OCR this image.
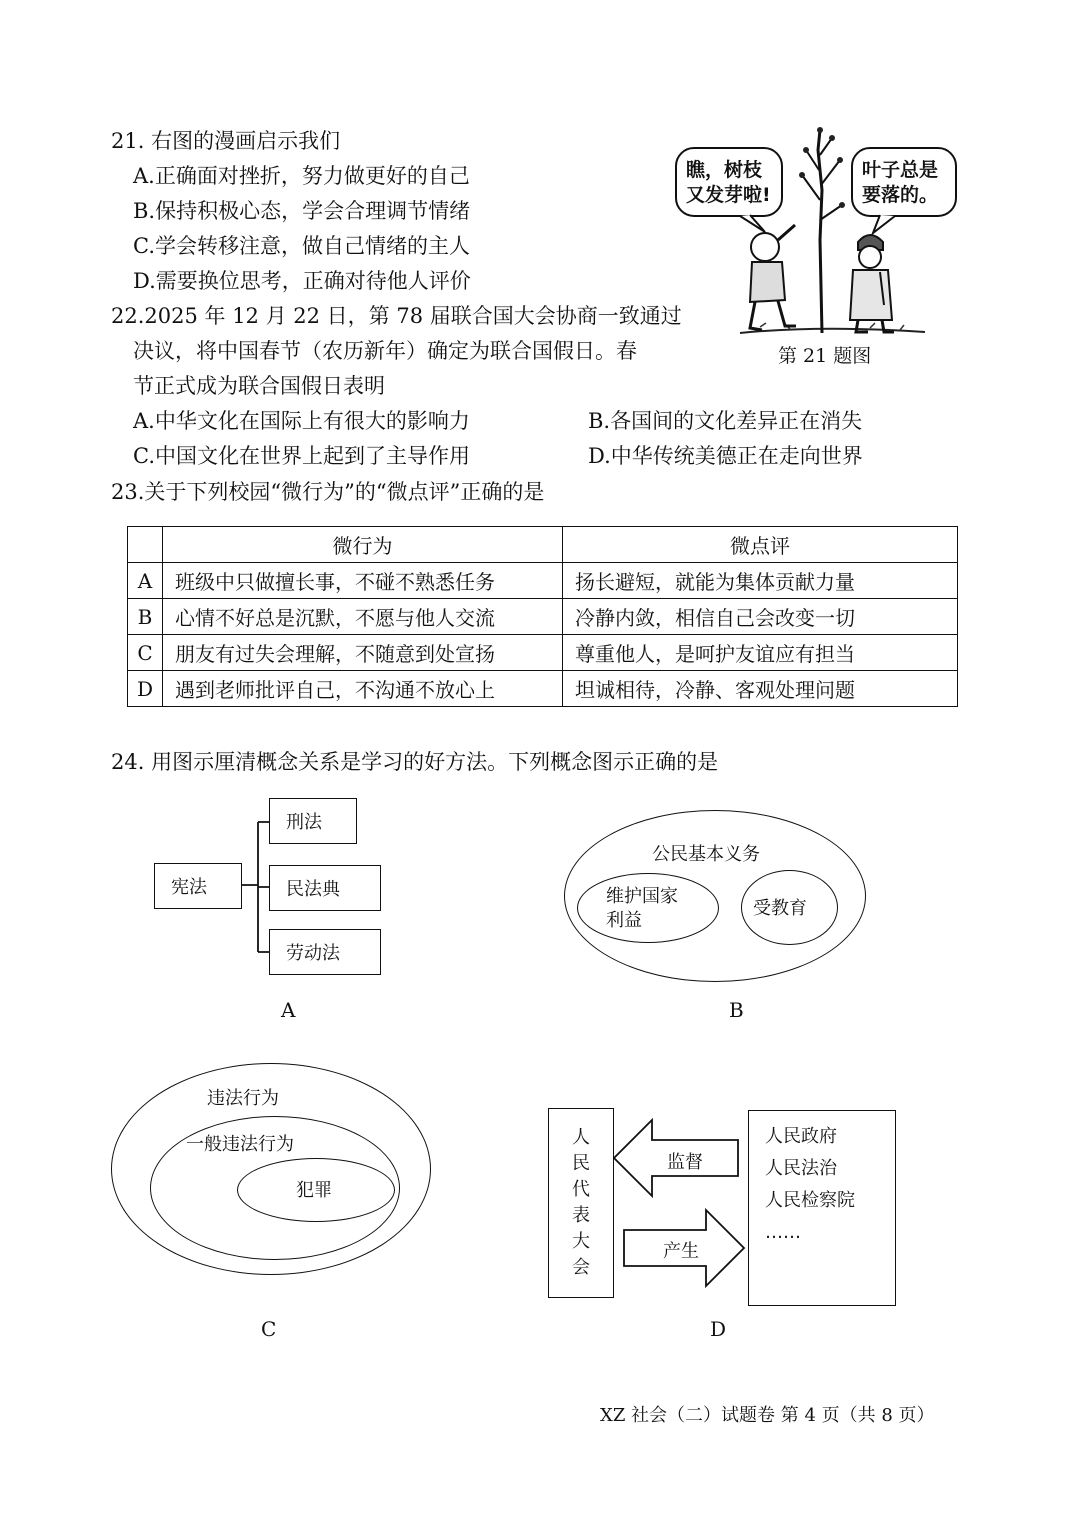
21. 右图的漫画启示我们
A.正确面对挫折，努力做更好的自己
B.保持积极心态，学会合理调节情绪
C.学会转移注意，做自己情绪的主人
D.需要换位思考，正确对待他人评价
瞧，树枝
又发芽啦!
叶子总是
要落的。
第 21 题图
22.2025 年 12 月 22 日，第 78 届联合国大会协商一致通过
决议，将中国春节（农历新年）确定为联合国假日。春
节正式成为联合国假日表明
A.中华文化在国际上有很大的影响力	B.各国间的文化差异正在消失
C.中国文化在世界上起到了主导作用	D.中华传统美德正在走向世界
23.关于下列校园“微行为”的“微点评”正确的是
	微行为	微点评
A	班级中只做擅长事，不碰不熟悉任务	扬长避短，就能为集体贡献力量
B	心情不好总是沉默，不愿与他人交流	冷静内敛，相信自己会改变一切
C	朋友有过失会理解，不随意到处宣扬	尊重他人，是呵护友谊应有担当
D	遇到老师批评自己，不沟通不放心上	坦诚相待，冷静、客观处理问题
24. 用图示厘清概念关系是学习的好方法。下列概念图示正确的是
宪法
刑法
民法典
劳动法
A
公民基本义务
维护国家
利益
受教育
B
违法行为
一般违法行为
犯罪
C
人
民
代
表
大
会
监督
产生
人民政府
人民法治
人民检察院
……
D
XZ 社会（二）试题卷 第 4 页（共 8 页）
